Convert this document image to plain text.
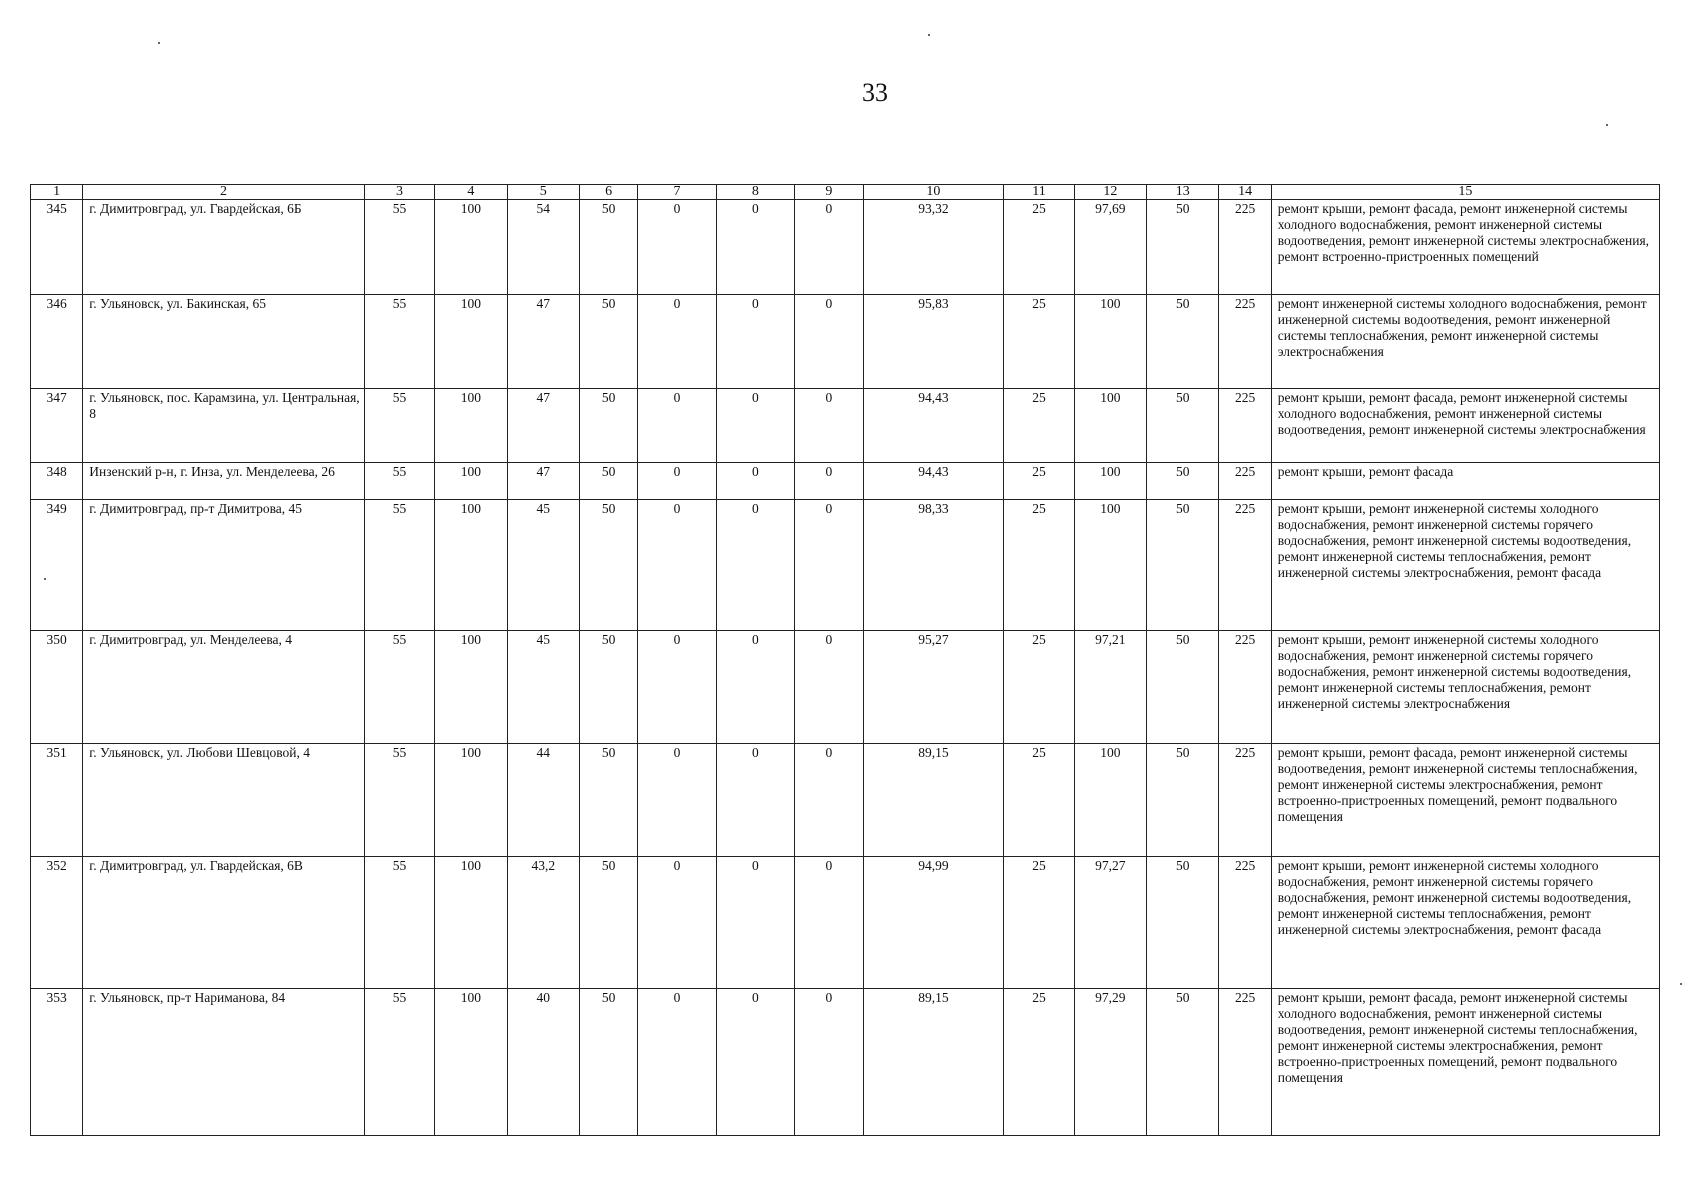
33
1	2	3	4	5	6	7	8	9	10	11	12	13	14	15
345	г. Димитровград, ул. Гвардейская, 6Б	55	100	54	50	0	0	0	93,32	25	97,69	50	225	ремонт крыши, ремонт фасада, ремонт инженерной системы холодного водоснабжения, ремонт инженерной системы водоотведения, ремонт инженерной системы электроснабжения, ремонт встроенно-пристроенных помещений
346	г. Ульяновск, ул. Бакинская, 65	55	100	47	50	0	0	0	95,83	25	100	50	225	ремонт инженерной системы холодного водоснабжения, ремонт инженерной системы водоотведения, ремонт инженерной системы теплоснабжения, ремонт инженерной системы электроснабжения
347	г. Ульяновск, пос. Карамзина, ул. Центральная, 8	55	100	47	50	0	0	0	94,43	25	100	50	225	ремонт крыши, ремонт фасада, ремонт инженерной системы холодного водоснабжения, ремонт инженерной системы водоотведения, ремонт инженерной системы электроснабжения
348	Инзенский р-н, г. Инза, ул. Менделеева, 26	55	100	47	50	0	0	0	94,43	25	100	50	225	ремонт крыши, ремонт фасада
349	г. Димитровград, пр-т Димитрова, 45	55	100	45	50	0	0	0	98,33	25	100	50	225	ремонт крыши, ремонт инженерной системы холодного водоснабжения, ремонт инженерной системы горячего водоснабжения, ремонт инженерной системы водоотведения, ремонт инженерной системы теплоснабжения, ремонт инженерной системы электроснабжения, ремонт фасада
350	г. Димитровград, ул. Менделеева, 4	55	100	45	50	0	0	0	95,27	25	97,21	50	225	ремонт крыши, ремонт инженерной системы холодного водоснабжения, ремонт инженерной системы горячего водоснабжения, ремонт инженерной системы водоотведения, ремонт инженерной системы теплоснабжения, ремонт инженерной системы электроснабжения
351	г. Ульяновск, ул. Любови Шевцовой, 4	55	100	44	50	0	0	0	89,15	25	100	50	225	ремонт крыши, ремонт фасада, ремонт инженерной системы водоотведения, ремонт инженерной системы теплоснабжения, ремонт инженерной системы электроснабжения, ремонт встроенно-пристроенных помещений, ремонт подвального помещения
352	г. Димитровград, ул. Гвардейская, 6В	55	100	43,2	50	0	0	0	94,99	25	97,27	50	225	ремонт крыши, ремонт инженерной системы холодного водоснабжения, ремонт инженерной системы горячего водоснабжения, ремонт инженерной системы водоотведения, ремонт инженерной системы теплоснабжения, ремонт инженерной системы электроснабжения, ремонт фасада
353	г. Ульяновск, пр-т Нариманова, 84	55	100	40	50	0	0	0	89,15	25	97,29	50	225	ремонт крыши, ремонт фасада, ремонт инженерной системы холодного водоснабжения, ремонт инженерной системы водоотведения, ремонт инженерной системы теплоснабжения, ремонт инженерной системы электроснабжения, ремонт встроенно-пристроенных помещений, ремонт подвального помещения
